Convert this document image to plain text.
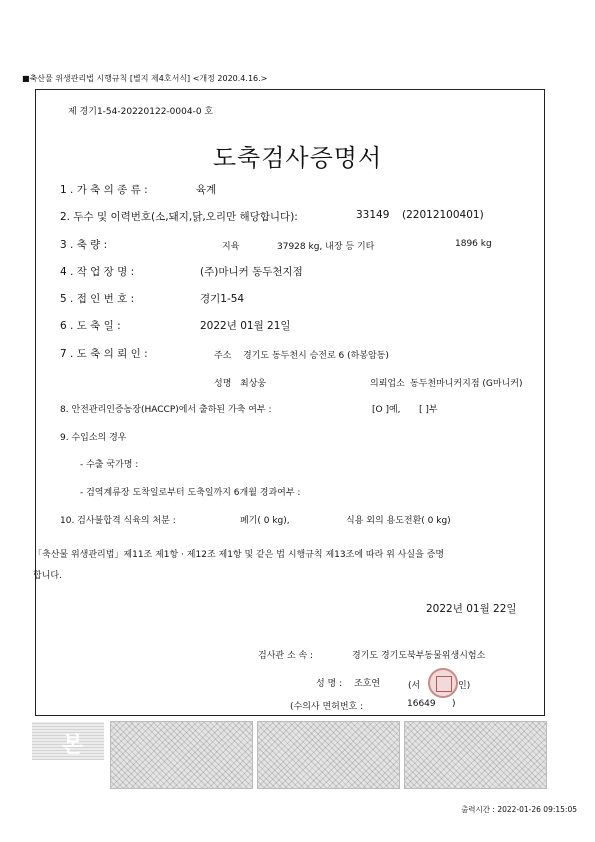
■축산물 위생관리법 시행규칙 [별지 제4호서식] <개정 2020.4.16.>
제 경기1-54-20220122-0004-0 호
도축검사증명서
1 . 가 축 의 종 류 :	육계
2. 두수 및 이력번호(소,돼지,닭,오리만 해당합니다):	33149 (22012100401)
3 . 축 량 :	지육	37928 kg, 내장 등 기타	1896 kg
4 . 작 업 장 명 :	(주)마니커 동두천지점
5 . 접 인 번 호 :	경기1-54
6 . 도 축 일 :	2022년 01월 21일
7 . 도 축 의 뢰 인 :	주소 경기도 동두천시 승전로 6 (하봉암동)
성명 최상웅	의뢰업소 동두천마니커지점 (G마니커)
8. 안전관리인증농장(HACCP)에서 출하된 가축 여부 :	[O ]예, [ ]부
9. 수입소의 경우
- 수출 국가명 :
- 검역계류장 도착일로부터 도축일까지 6개월 경과여부 :
10. 검사불합격 식육의 처분 :	폐기( 0 kg),	식용 외의 용도전환( 0 kg)
「축산물 위생관리법」제11조 제1항 · 제12조 제1항 및 같은 법 시행규칙 제13조에 따라 위 사실을 증명
합니다.
2022년 01월 22일
검사관 소 속 :	경기도 경기도북부동물위생시험소
성 명 : 조호연	(서	인)
(수의사 면허번호 :	16649 )
본
출력시간 : 2022-01-26 09:15:05
